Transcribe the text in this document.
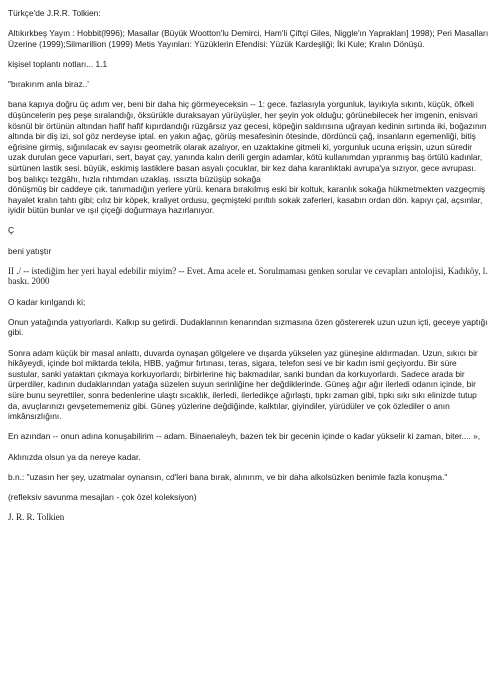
Türkçe'de J.R.R. Tolkien:

Altıkırkbeş Yayın : Hobbit(l996); Masallar (Büyük Wootton'lu Demirci, Ham'li Çiftçi Giles, Niggle'ın Yaprakları] 1998); Peri Masalları Üzerine (1999);Silmarillion (1999) Metis Yayınları: Yüzüklerin Efendisi: Yüzük Kardeşliği; İki Kule; Kralın Dönüşü.

kişisel toplantı notları... 1.1

"bırakırım anla biraz..'

bana kapıya doğru üç adım ver, beni bir daha hiç görmeyeceksin -- 1: gece. fazlasıyla yorgunluk, layıkıyla sıkıntı, küçük, öfkeli düşüncelerin peş peşe sıralandığı, öksürükle duraksayan yürüyüşler, her şeyin yok olduğu; görünebilecek her imgenin, enisvari kösnül bir örtünün altından hafif hafif kıpırdandığı rüzgârsız yaz gecesi, köpeğin saldırısına uğrayan kedinin sırtında iki, boğazının altında bir diş izi, sol göz nerdeyse iptal. en yakın ağaç, görüş mesafesinin ötesinde, dördüncü çağ, insanların egemenliği, bitiş eğrisine girmiş, sığınılacak ev sayısı geometrik olarak azalıyor, en uzaktakine gitmeli ki, yorgunluk ucuna erişsin, uzun süredir uzak durulan gece vapurları, sert, bayat çay, yanında kalın derili gergin adamlar, kötü kullanımdan yıpranmış baş örtülü kadınlar, sürtünen lastik sesi. büyük, eskimiş lastiklere basan asyalı çocuklar, bir kez daha karanlıktaki avrupa'ya sızıyor, gece avrupası. boş balıkçı tezgâhı, hızla rıhtımdan uzaklaş. ıssızta büzüşüp sokağa
dönüşmüş bir caddeye çık. tanımadığın yerlere yürü. kenara bırakılmış eski bir koltuk, karanlık sokağa hükmetmekten vazgeçmiş hayalet kralın tahtı gibi; cılız bir köpek, kraliyet ordusu, geçmişteki pırıltılı sokak zaferleri, kasabın ordan dön. kapıyı çal, açsınlar, iyidir bütün bunlar ve ışıl çiçeği doğurmaya hazırlanıyor.

Ç

beni yatıştır

II ./ -- istediğim her yeri hayal edebilir miyim? -- Evet. Ama acele et. Sorulmaması genken sorular ve cevapları antolojisi, Kadıköy, l. baskı. 2000

O kadar kırılgandı ki;

Onun yatağında yatıyorlardı. Kalkıp su getirdi. Dudaklarının kenarından sızmasına özen göstererek uzun uzun içti, geceye yaptığı gibi.

Sonra adam küçük bir masal anlattı, duvarda oynaşan gölgelere ve dışarda yükselen yaz güneşine aldırmadan. Uzun, sıkıcı bir hikâyeydi, içinde bol miktarda tekila, HBB, yağmur fırtınası, teras, sigara, telefon sesi ve bir kadın ismi geçiyordu. Bir süre sustular, sanki yataktan çıkmaya korkuyorlardı; birbirlerine hiç bakmadılar, sanki bundan da korkuyorlardı. Sadece arada bir ürperdiler, kadının dudaklarından yatağa süzelen suyun serinliğine her değdiklerinde. Güneş ağır ağır ilerledi odanın içinde, bir süre bunu seyrettiler, sonra bedenlerine ulaştı sıcaklık, ilerledi, ilerledikçe ağırlaştı, tıpkı zaman gibi, tıpkı sıkı sıkı elinizde tutup da, avuçlarınızı gevşetememeniz gibi. Güneş yüzlerine değdiğinde, kalktılar, giyindiler, yürüdüler ve çok özlediler o anın imkânsızlığını.

En azından -- onun adına konuşabilirim -- adam. Binaenaleyh, bazen tek bir gecenin içinde o kadar yükselir ki zaman, biter.... »,

Aklınızda olsun ya da nereye kadar.

b.n.: "uzasın her şey, uzatmalar oynansın, cd'leri bana bırak, alınırım, ve bir daha alkolsüzken benimle fazla konuşma."

(refleksiv savunma mesajları - çok özel koleksiyon)

J. R. R. Tolkien
